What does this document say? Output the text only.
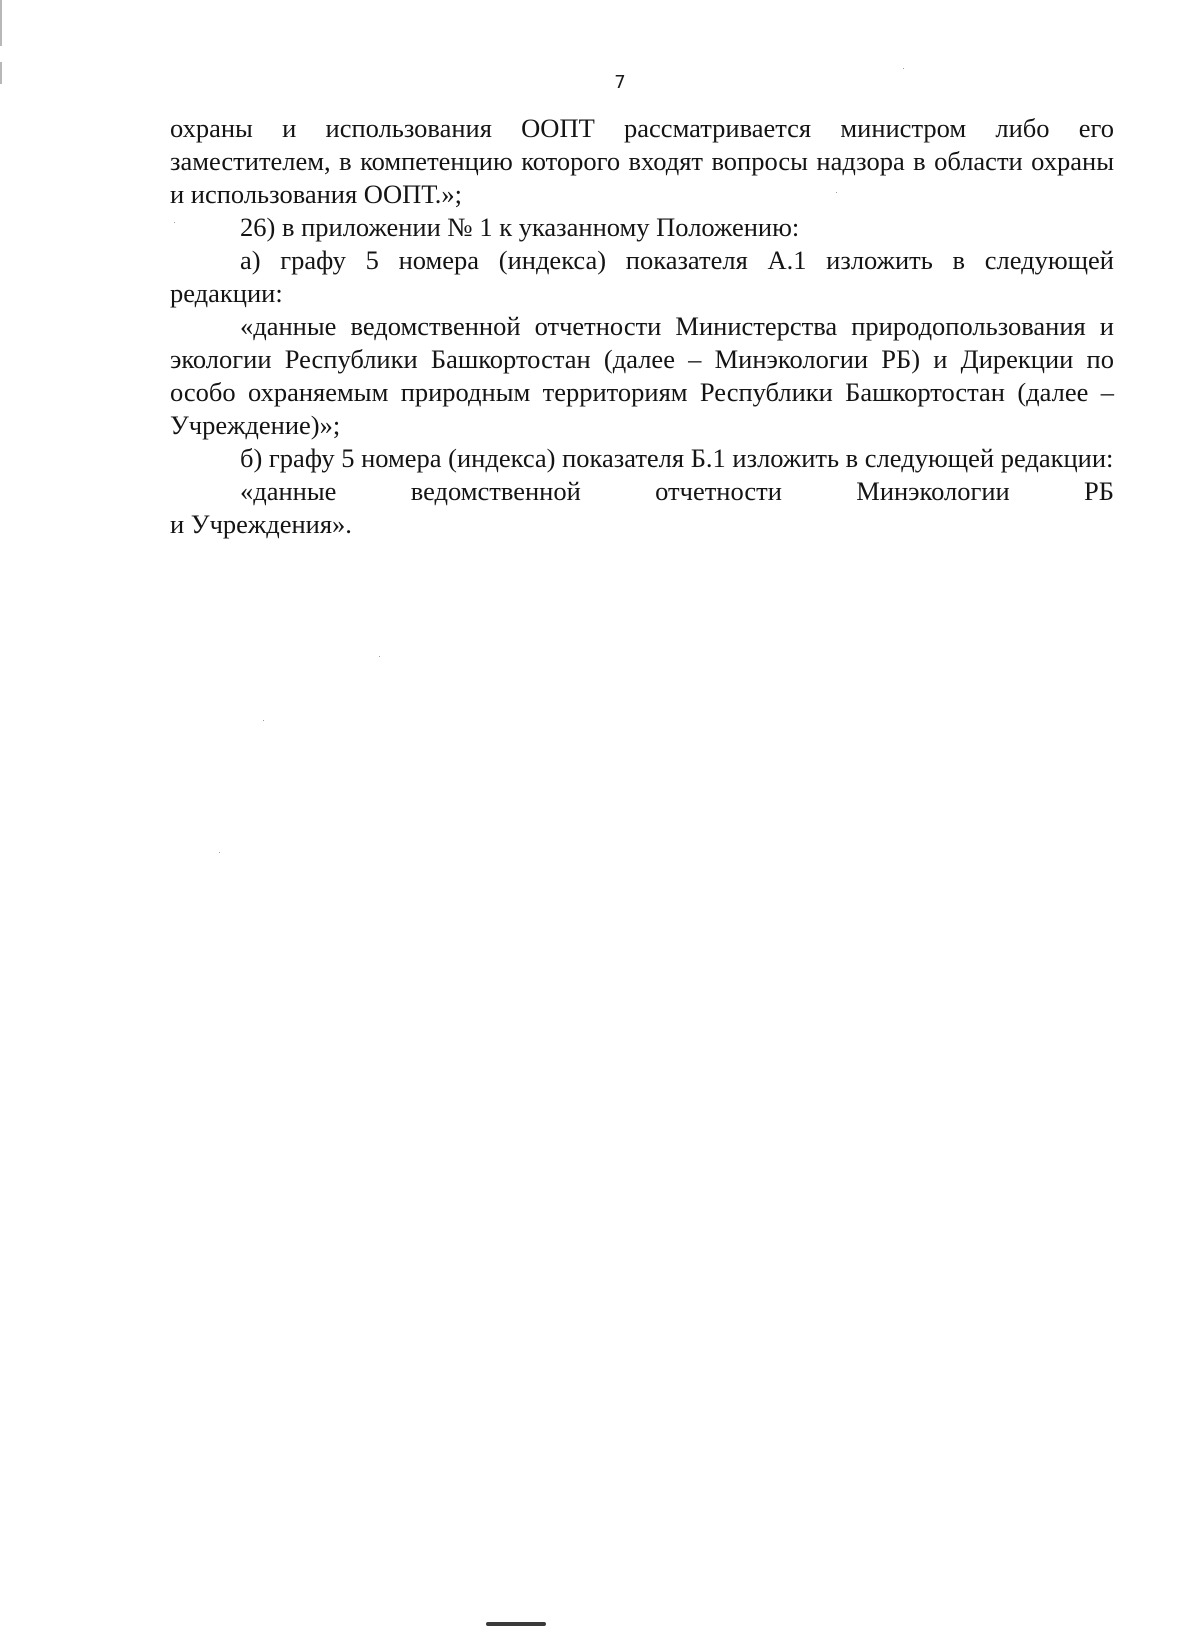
7

охраны и использования ООПТ рассматривается министром либо его заместителем, в компетенцию которого входят вопросы надзора в области охраны и использования ООПТ.»;

26) в приложении № 1 к указанному Положению:

а) графу 5 номера (индекса) показателя А.1 изложить в следующей редакции:

«данные ведомственной отчетности Министерства природопользования и экологии Республики Башкортостан (далее – Минэкологии РБ) и Дирекции по особо охраняемым природным территориям Республики Башкортостан (далее – Учреждение)»;

б) графу 5 номера (индекса) показателя Б.1 изложить в следующей редакции:

«данные ведомственной отчетности Минэкологии РБ

и Учреждения».
